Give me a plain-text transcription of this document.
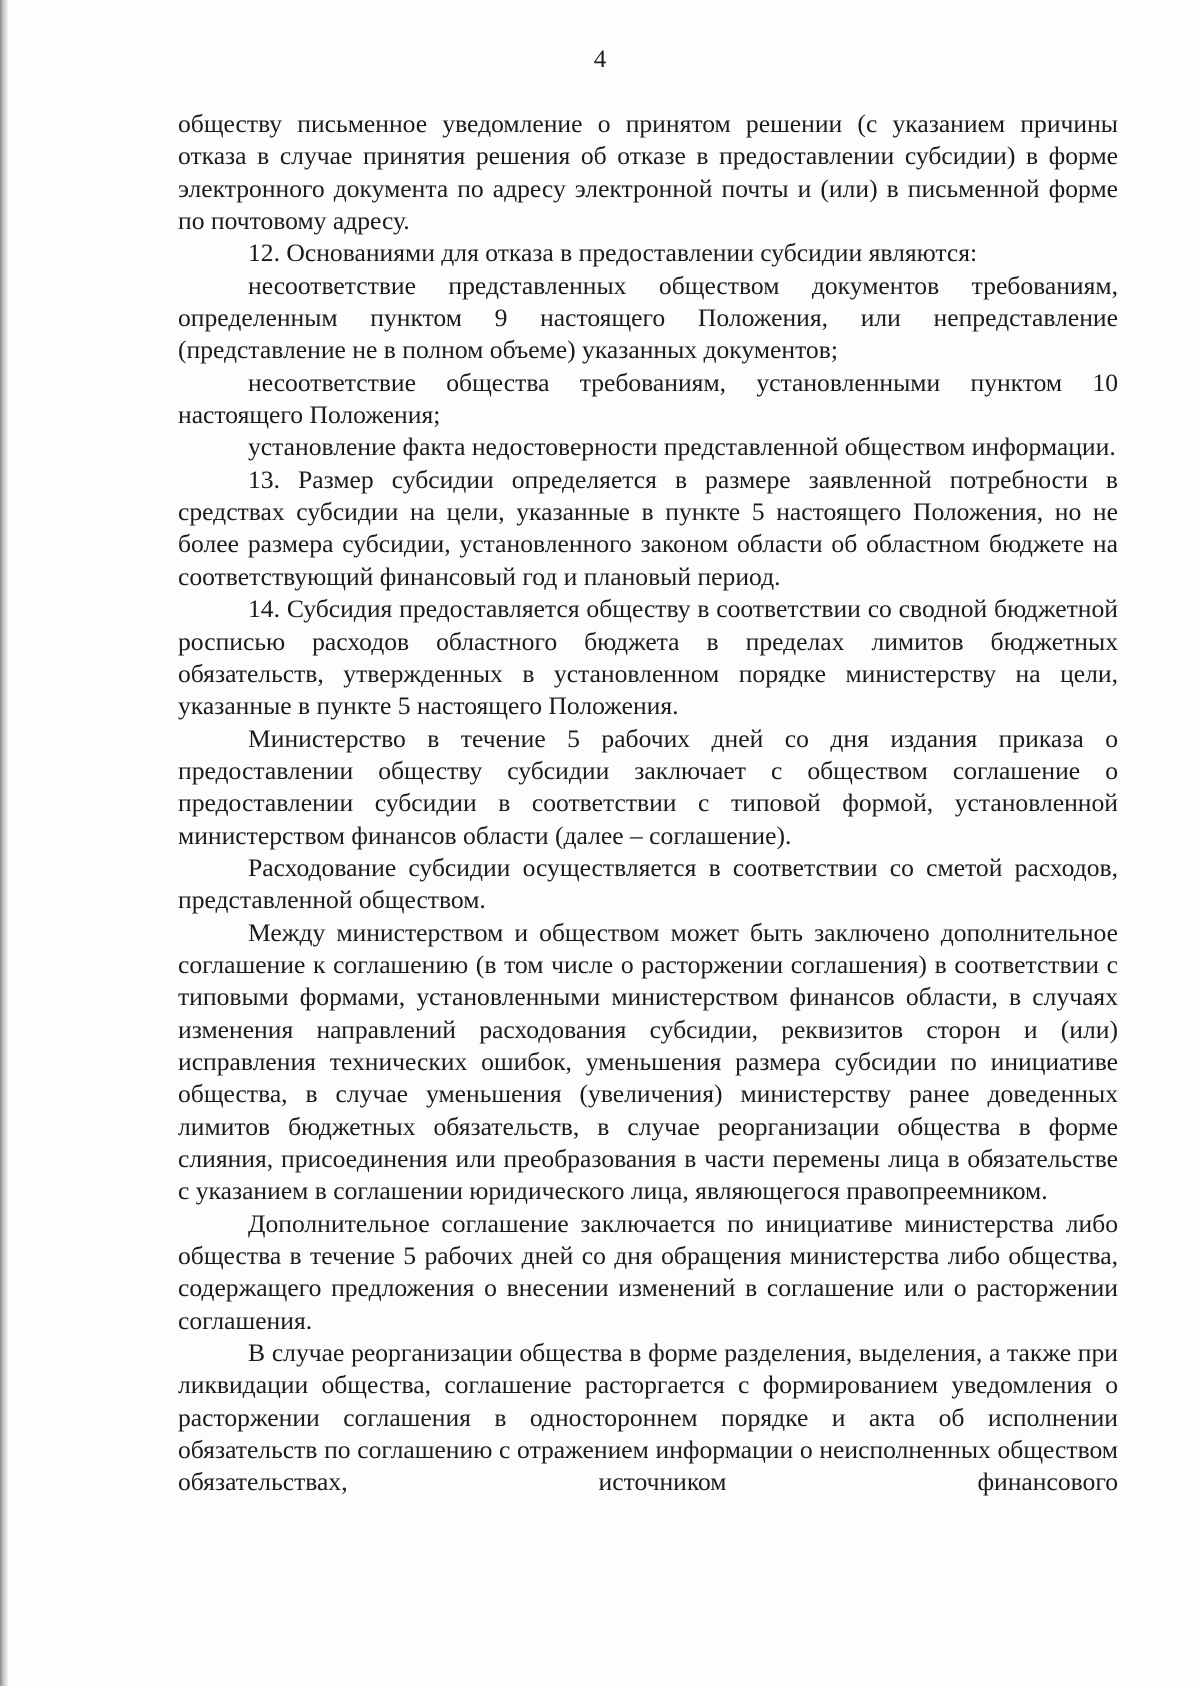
4

обществу письменное уведомление о принятом решении (с указанием причины отказа в случае принятия решения об отказе в предоставлении субсидии) в форме электронного документа по адресу электронной почты и (или) в письменной форме по почтовому адресу.

12. Основаниями для отказа в предоставлении субсидии являются:

несоответствие представленных обществом документов требованиям, определенным пунктом 9 настоящего Положения, или непредставление (представление не в полном объеме) указанных документов;

несоответствие общества требованиям, установленными пунктом 10 настоящего Положения;

установление факта недостоверности представленной обществом информации.

13. Размер субсидии определяется в размере заявленной потребности в средствах субсидии на цели, указанные в пункте 5 настоящего Положения, но не более размера субсидии, установленного законом области об областном бюджете на соответствующий финансовый год и плановый период.

14. Субсидия предоставляется обществу в соответствии со сводной бюджетной росписью расходов областного бюджета в пределах лимитов бюджетных обязательств, утвержденных в установленном порядке министерству на цели, указанные в пункте 5 настоящего Положения.

Министерство в течение 5 рабочих дней со дня издания приказа о предоставлении обществу субсидии заключает с обществом соглашение о предоставлении субсидии в соответствии с типовой формой, установленной министерством финансов области (далее – соглашение).

Расходование субсидии осуществляется в соответствии со сметой расходов, представленной обществом.

Между министерством и обществом может быть заключено дополнительное соглашение к соглашению (в том числе о расторжении соглашения) в соответствии с типовыми формами, установленными министерством финансов области, в случаях изменения направлений расходования субсидии, реквизитов сторон и (или) исправления технических ошибок, уменьшения размера субсидии по инициативе общества, в случае уменьшения (увеличения) министерству ранее доведенных лимитов бюджетных обязательств, в случае реорганизации общества в форме слияния, присоединения или преобразования в части перемены лица в обязательстве с указанием в соглашении юридического лица, являющегося правопреемником.

Дополнительное соглашение заключается по инициативе министерства либо общества в течение 5 рабочих дней со дня обращения министерства либо общества, содержащего предложения о внесении изменений в соглашение или о расторжении соглашения.

В случае реорганизации общества в форме разделения, выделения, а также при ликвидации общества, соглашение расторгается с формированием уведомления о расторжении соглашения в одностороннем порядке и акта об исполнении обязательств по соглашению с отражением информации о неисполненных обществом обязательствах, источником финансового
